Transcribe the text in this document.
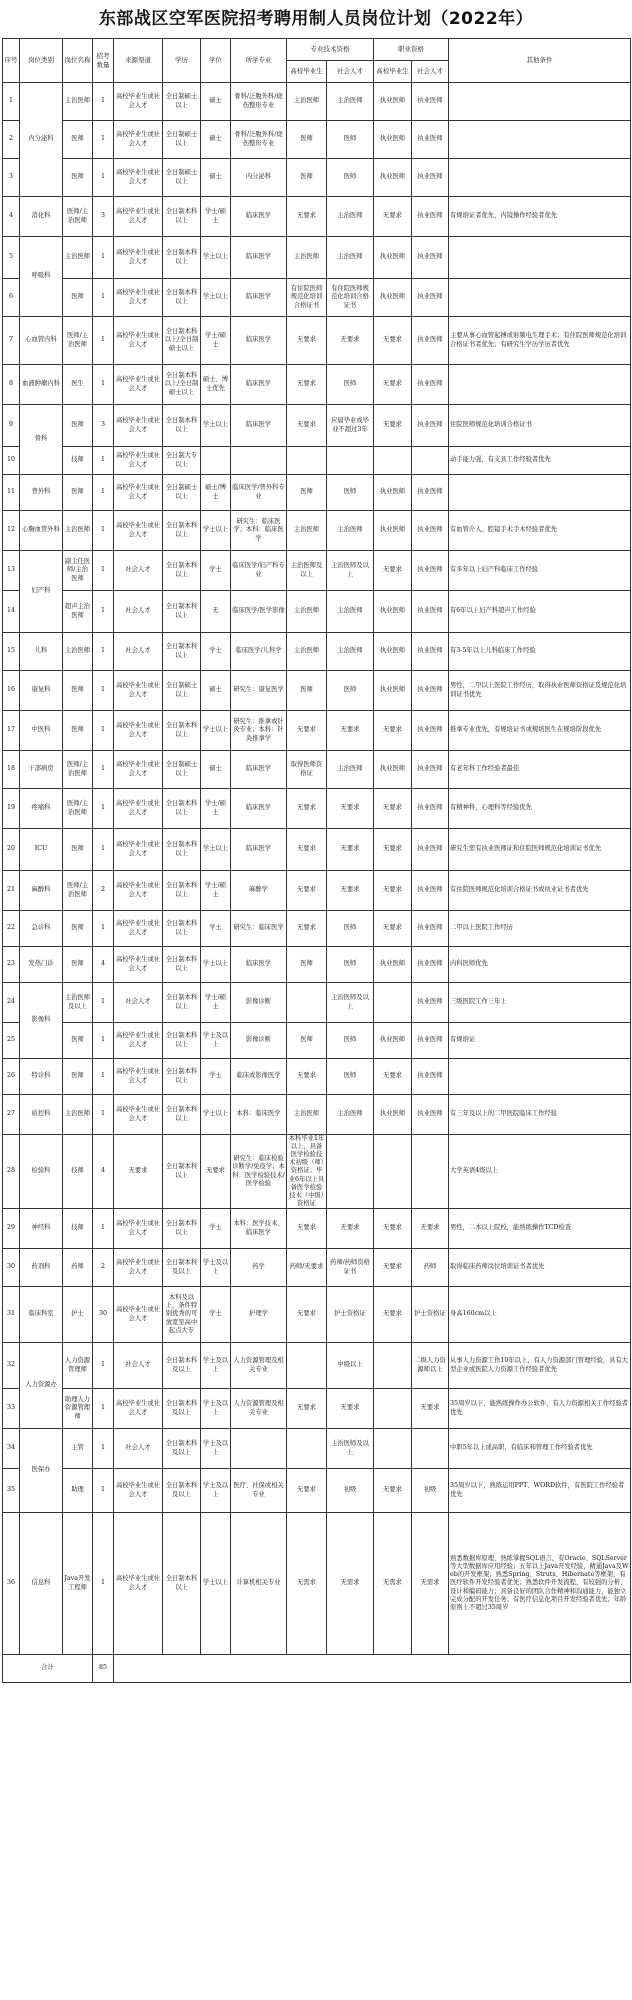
东部战区空军医院招考聘用制人员岗位计划（2022年）
序号	岗位类别	岗位名称	招考数量	来源渠道	学历	学位	所学专业	专业技术资格		职业资格		其他条件
								高校毕业生	社会人才	高校毕业生	社会人才	
1	内分泌科	主治医师	1	高校毕业生或社会人才	全日制硕士以上	硕士	骨科/泛腹外科/烧伤整形专业	主治医师	主治医师	执业医师	执业医师	
2		医师	1	高校毕业生或社会人才	全日制硕士以上	硕士	骨科/泛腹外科/烧伤整形专业	医师	医师	执业医师	执业医师	
3		医师	1	高校毕业生或社会人才	全日制硕士以上	硕士	内分泌科	医师	医师	执业医师	执业医师	
4	消化科	医师/主治医师	3	高校毕业生或社会人才	全日制本科以上	学士/硕士	临床医学	无要求	主治医师	无要求	执业医师	有规培证者优先，内镜操作经验者优先
5	呼吸科	主治医师	1	高校毕业生或社会人才	全日制本科以上	学士以上	临床医学	主治医师	主治医师	执业医师	执业医师	
6		医师	1	高校毕业生或社会人才	全日制本科以上	学士以上	临床医学	有住院医师规范化培训合格证书	有住院医师规范化培训合格证书	执业医师	执业医师	
7	心血管内科	医师/主治医师	1	高校毕业生或社会人才	全日制本科以上/全日制硕士以上	学士/硕士	临床医学	无要求	无要求	无要求	执业医师	主要从事心血管起搏或射频电生理手术；有住院医师规范化培训合格证书者优先；有研究生学历学历者优先
8	血液肿瘤内科	医生	1	高校毕业生或社会人才	全日制本科以上/全日制硕士以上	硕士、博士优先	临床医学	无要求	医师	无要求	执业医师	
9	骨科	医师	3	高校毕业生或社会人才	全日制本科以上	学士以上	临床医学	无要求	应届毕业或毕业不超过3年	无要求	执业医师	住院医师规范化培训合格证书
10		技师	1	高校毕业生或社会人才	全日制大专以上							动手能力强，有支具工作经验者优先
11	普外科	医师	1	高校毕业生或社会人才	全日制硕士以上	硕士/博士	临床医学/普外科专业	医师	医师	执业医师	执业医师	
12	心胸血管外科	主治医师	1	高校毕业生或社会人才	全日制本科以上	学士以上	研究生：临床医学；本科：临床医学	主治医师	主治医师	执业医师	执业医师	有血管介入、腔镜手术手术经验者优先
13	妇产科	副主任医师/主治医师	1	社会人才	全日制本科以上	学士	临床医学/妇产科专业	主治医师及以上	主治医师及以上	无要求	执业医师	有多年以上妇产科临床工作经验
14		超声主治医师	1	社会人才	全日制本科以上	无	临床医学/医学影像	主治医师	主治医师	执业医师	执业医师	有6年以上妇产科超声工作经验
15	儿科	主治医师	1	社会人才	全日制本科以上	学士	临床医学/儿科学	主治医师	主治医师	执业医师	执业医师	有3-5年以上儿科临床工作经验
16	康复科	医师	1	高校毕业生或社会人才	全日制硕士以上	硕士	研究生：康复医学	医师	医师	执业医师	执业医师	男性，二甲以上医院工作经历，取得执业医师资格证及规范化培训证书优先
17	中医科	医师	1	高校毕业生或社会人才	全日制本科以上	学士以上	研究生：推拿或针灸专业；本科：针灸推拿学	无要求	无要求	无要求	执业医师	推拿专业优先，有规培证书或规培医生在规培阶段优先
18	干部病房	医师/主治医师	1	高校毕业生或社会人才	全日制硕士以上	硕士	临床医学	取得医师资格证	主治医师	执业医师	执业医师	有老年科工作经验者最佳
19	疼痛科	医师/主治医师	1	高校毕业生或社会人才	全日制本科以上	学士/硕士	临床医学	无要求	无要求	无要求	执业医师	有精神科、心理科等经验优先
20	ICU	医师	1	高校毕业生或社会人才	全日制本科以上	学士以上	临床医学	无要求	无要求	无要求	执业医师	研究生需有执业医师证和住院医师规范化培训证书优先
21	麻醉科	医师/主治医师	2	高校毕业生或社会人才	全日制本科以上	学士/硕士	麻醉学	无要求	无要求	无要求	执业医师	有住院医师规范化培训合格证书或执业证书者优先
22	急诊科	医师	1	高校毕业生或社会人才	全日制本科以上	学士	研究生：临床医学	无要求	医师	无要求	执业医师	二甲以上医院工作经历
23	发热门诊	医师	4	高校毕业生或社会人才	全日制本科以上	学士以上	临床医学	医师	医师	执业医师	执业医师	内科医师优先
24	影像科	主治医师及以上	1	社会人才	全日制本科以上	学士/硕士	影像诊断		主治医师及以上		执业医师	三级医院工作三年上
25		医师	1	高校毕业生或社会人才	全日制本科以上	学士及以上	影像诊断	医师	医师	执业医师	执业医师	有规培证
26	特诊科	医师	1	高校毕业生或社会人才	全日制本科以上	学士	临床或影像医学	无要求	医师	无要求	执业医师	
27	质控科	主治医师	1	高校毕业生或社会人才	全日制本科以上	学士以上	本科：临床医学	主治医师	主治医师	执业医师	执业医师	有三年及以上的二甲医院临床工作经验
28	检验科	技师	4	无要求	全日制本科以上	无要求	研究生：临床检验诊断学/免疫学；本科：医学检验技术/医学检验	本科毕业1年以上，具备医学检验技术初级（师）资格证；毕业6年以上具备医学检验技术（中级）资格证				大学英语4级以上
29	神经科	技师	1	高校毕业生或社会人才	全日制本科以上	学士	本科：医学技术、临床医学	无要求	无要求	无要求	无要求	男性，二本以上院校，能熟练操作TCD检查
30	药剂科	药师	2	高校毕业生或社会人才	全日制本科及以上	学士及以上	药学	药师/无要求	药师/药师资格证书	无要求	药师	取得临床药师岗位培训证书者优先
31	临床科室	护士	30	高校毕业生或社会人才	本科及以上，条件特别优秀的可放宽至高中起点大专	学士	护理学	无要求	护士资格证	无要求	护士资格证	身高160cm以上
32	人力资源办	人力资源管理师	1	社会人才	全日制本科及以上	学士及以上	人力资源管理及相关专业		中级以上		二级人力资源师以上	从事人力资源工作10年以上，有人力资源部门管理经验，具有大型企业或医院人力资源工作经验者优先
33		助理人力资源管理师	1	高校毕业生或社会人才	全日制本科及以上	学士及以上	人力资源管理及相关专业	无要求	无要求		无要求	35周岁以下，能熟练操作办公软件，有人力资源相关工作经验者优先
34	医保办	主管	1	社会人才	全日制本科及以上	学士及以上			主治医师及以上			中职5年以上或高职，有临床和管理工作经验者优先
35		助理	1	高校毕业生或社会人才	全日制本科及以上	学士及以上	医疗、社保或相关专业	无要求	初级	无要求	初级	35周岁以下，熟练运用PPT、WORD软件，有医院工作经验者优先
36	信息科	Java开发工程师	1	高校毕业生或社会人才	全日制本科以上	学士以上	计算机相关专业	无需求	无需求	无需求	无需求	熟悉数据库原理，熟练掌握SQL语言，有Oracle、SQLServer等大型数据库应用经验；五年以上Java开发经验，精通Java及Web的开发框架；熟悉Spring、Struts、Hibernate等框架，有医疗软件开发经验者优先；熟悉软件开发流程，有较强的分析、设计和编码能力；具备良好的团队合作精神和沟通能力，能独立完成分配的开发任务；有医疗信息化项目开发经验者优先；年龄原则上不超过35周岁
合计			85									
